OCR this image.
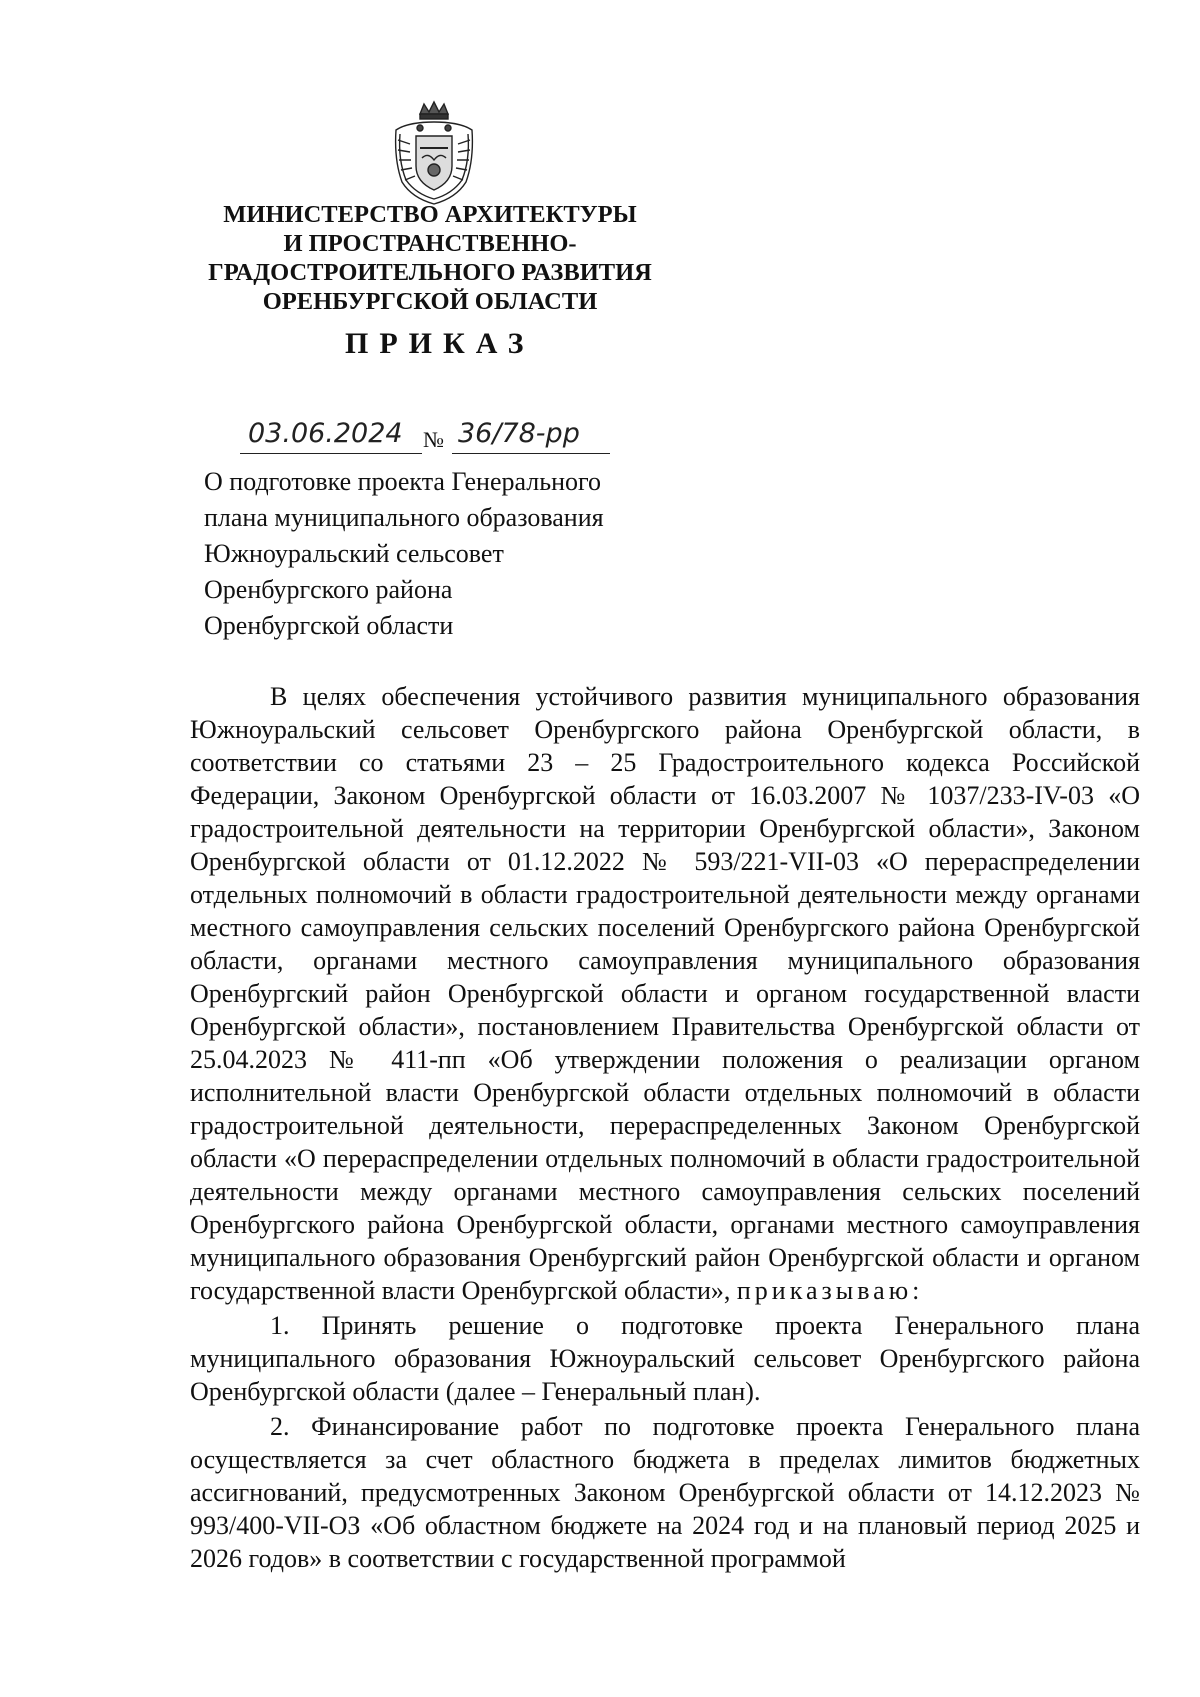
МИНИСТЕРСТВО АРХИТЕКТУРЫ
И ПРОСТРАНСТВЕННО-
ГРАДОСТРОИТЕЛЬНОГО РАЗВИТИЯ
ОРЕНБУРГСКОЙ ОБЛАСТИ
ПРИКАЗ
03.06.2024 № 36/78-рр
О подготовке проекта Генерального
плана муниципального образования
Южноуральский сельсовет
Оренбургского района
Оренбургской области

В целях обеспечения устойчивого развития муниципального образования Южноуральский сельсовет Оренбургского района Оренбургской области, в соответствии со статьями 23 – 25 Градостроительного кодекса Российской Федерации, Законом Оренбургской области от 16.03.2007 № 1037/233-IV-03 «О градостроительной деятельности на территории Оренбургской области», Законом Оренбургской области от 01.12.2022 № 593/221-VII-03 «О перераспределении отдельных полномочий в области градостроительной деятельности между органами местного самоуправления сельских поселений Оренбургского района Оренбургской области, органами местного самоуправления муниципального образования Оренбургский район Оренбургской области и органом государственной власти Оренбургской области», постановлением Правительства Оренбургской области от 25.04.2023 № 411-пп «Об утверждении положения о реализации органом исполнительной власти Оренбургской области отдельных полномочий в области градостроительной деятельности, перераспределенных Законом Оренбургской области «О перераспределении отдельных полномочий в области градостроительной деятельности между органами местного самоуправления сельских поселений Оренбургского района Оренбургской области, органами местного самоуправления муниципального образования Оренбургский район Оренбургской области и органом государственной власти Оренбургской области», приказываю:

1. Принять решение о подготовке проекта Генерального плана муниципального образования Южноуральский сельсовет Оренбургского района Оренбургской области (далее – Генеральный план).

2. Финансирование работ по подготовке проекта Генерального плана осуществляется за счет областного бюджета в пределах лимитов бюджетных ассигнований, предусмотренных Законом Оренбургской области от 14.12.2023 № 993/400-VII-ОЗ «Об областном бюджете на 2024 год и на плановый период 2025 и 2026 годов» в соответствии с государственной программой
